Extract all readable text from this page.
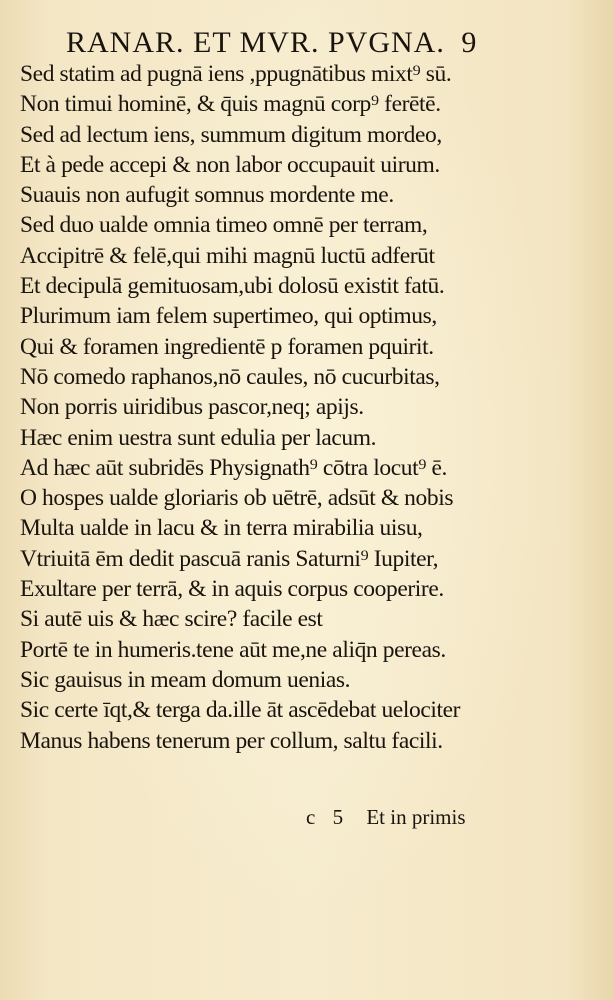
RANAR. ET MVR. PVGNA. 9
Sed statim ad pugnā iens ,ppugnātibus mixt⁹ sū.
Non timui hominē, & q̄uis magnū corp⁹ ferētē.
Sed ad lectum iens, summum digitum mordeo,
Et à pede accepi & non labor occupauit uirum.
Suauis non aufugit somnus mordente me.
Sed duo ualde omnia timeo omnē per terram,
Accipitrē & felē,qui mihi magnū luctū adferūt
Et decipulā gemituosam,ubi dolosū existit fatū.
Plurimum iam felem supertimeo, qui optimus,
Qui & foramen ingredientē p foramen pquirit.
Nō comedo raphanos,nō caules, nō cucurbitas,
Non porris uiridibus pascor,neq; apijs.
Hæc enim uestra sunt edulia per lacum.
Ad hæc aūt subridēs Physignath⁹ cōtra locut⁹ ē.
O hospes ualde gloriaris ob uētrē, adsūt & nobis
Multa ualde in lacu & in terra mirabilia uisu,
Vtriuitā ēm dedit pascuā ranis Saturni⁹ Iupiter,
Exultare per terrā, & in aquis corpus cooperire.
Si autē uis & hæc scire? facile est
Portē te in humeris.tene aūt me,ne aliq̄n pereas.
Sic gauisus in meam domum uenias.
Sic certe īqt,& terga da.ille āt ascēdebat uelociter
Manus habens tenerum per collum, saltu facili.
c 5 Et in primis
